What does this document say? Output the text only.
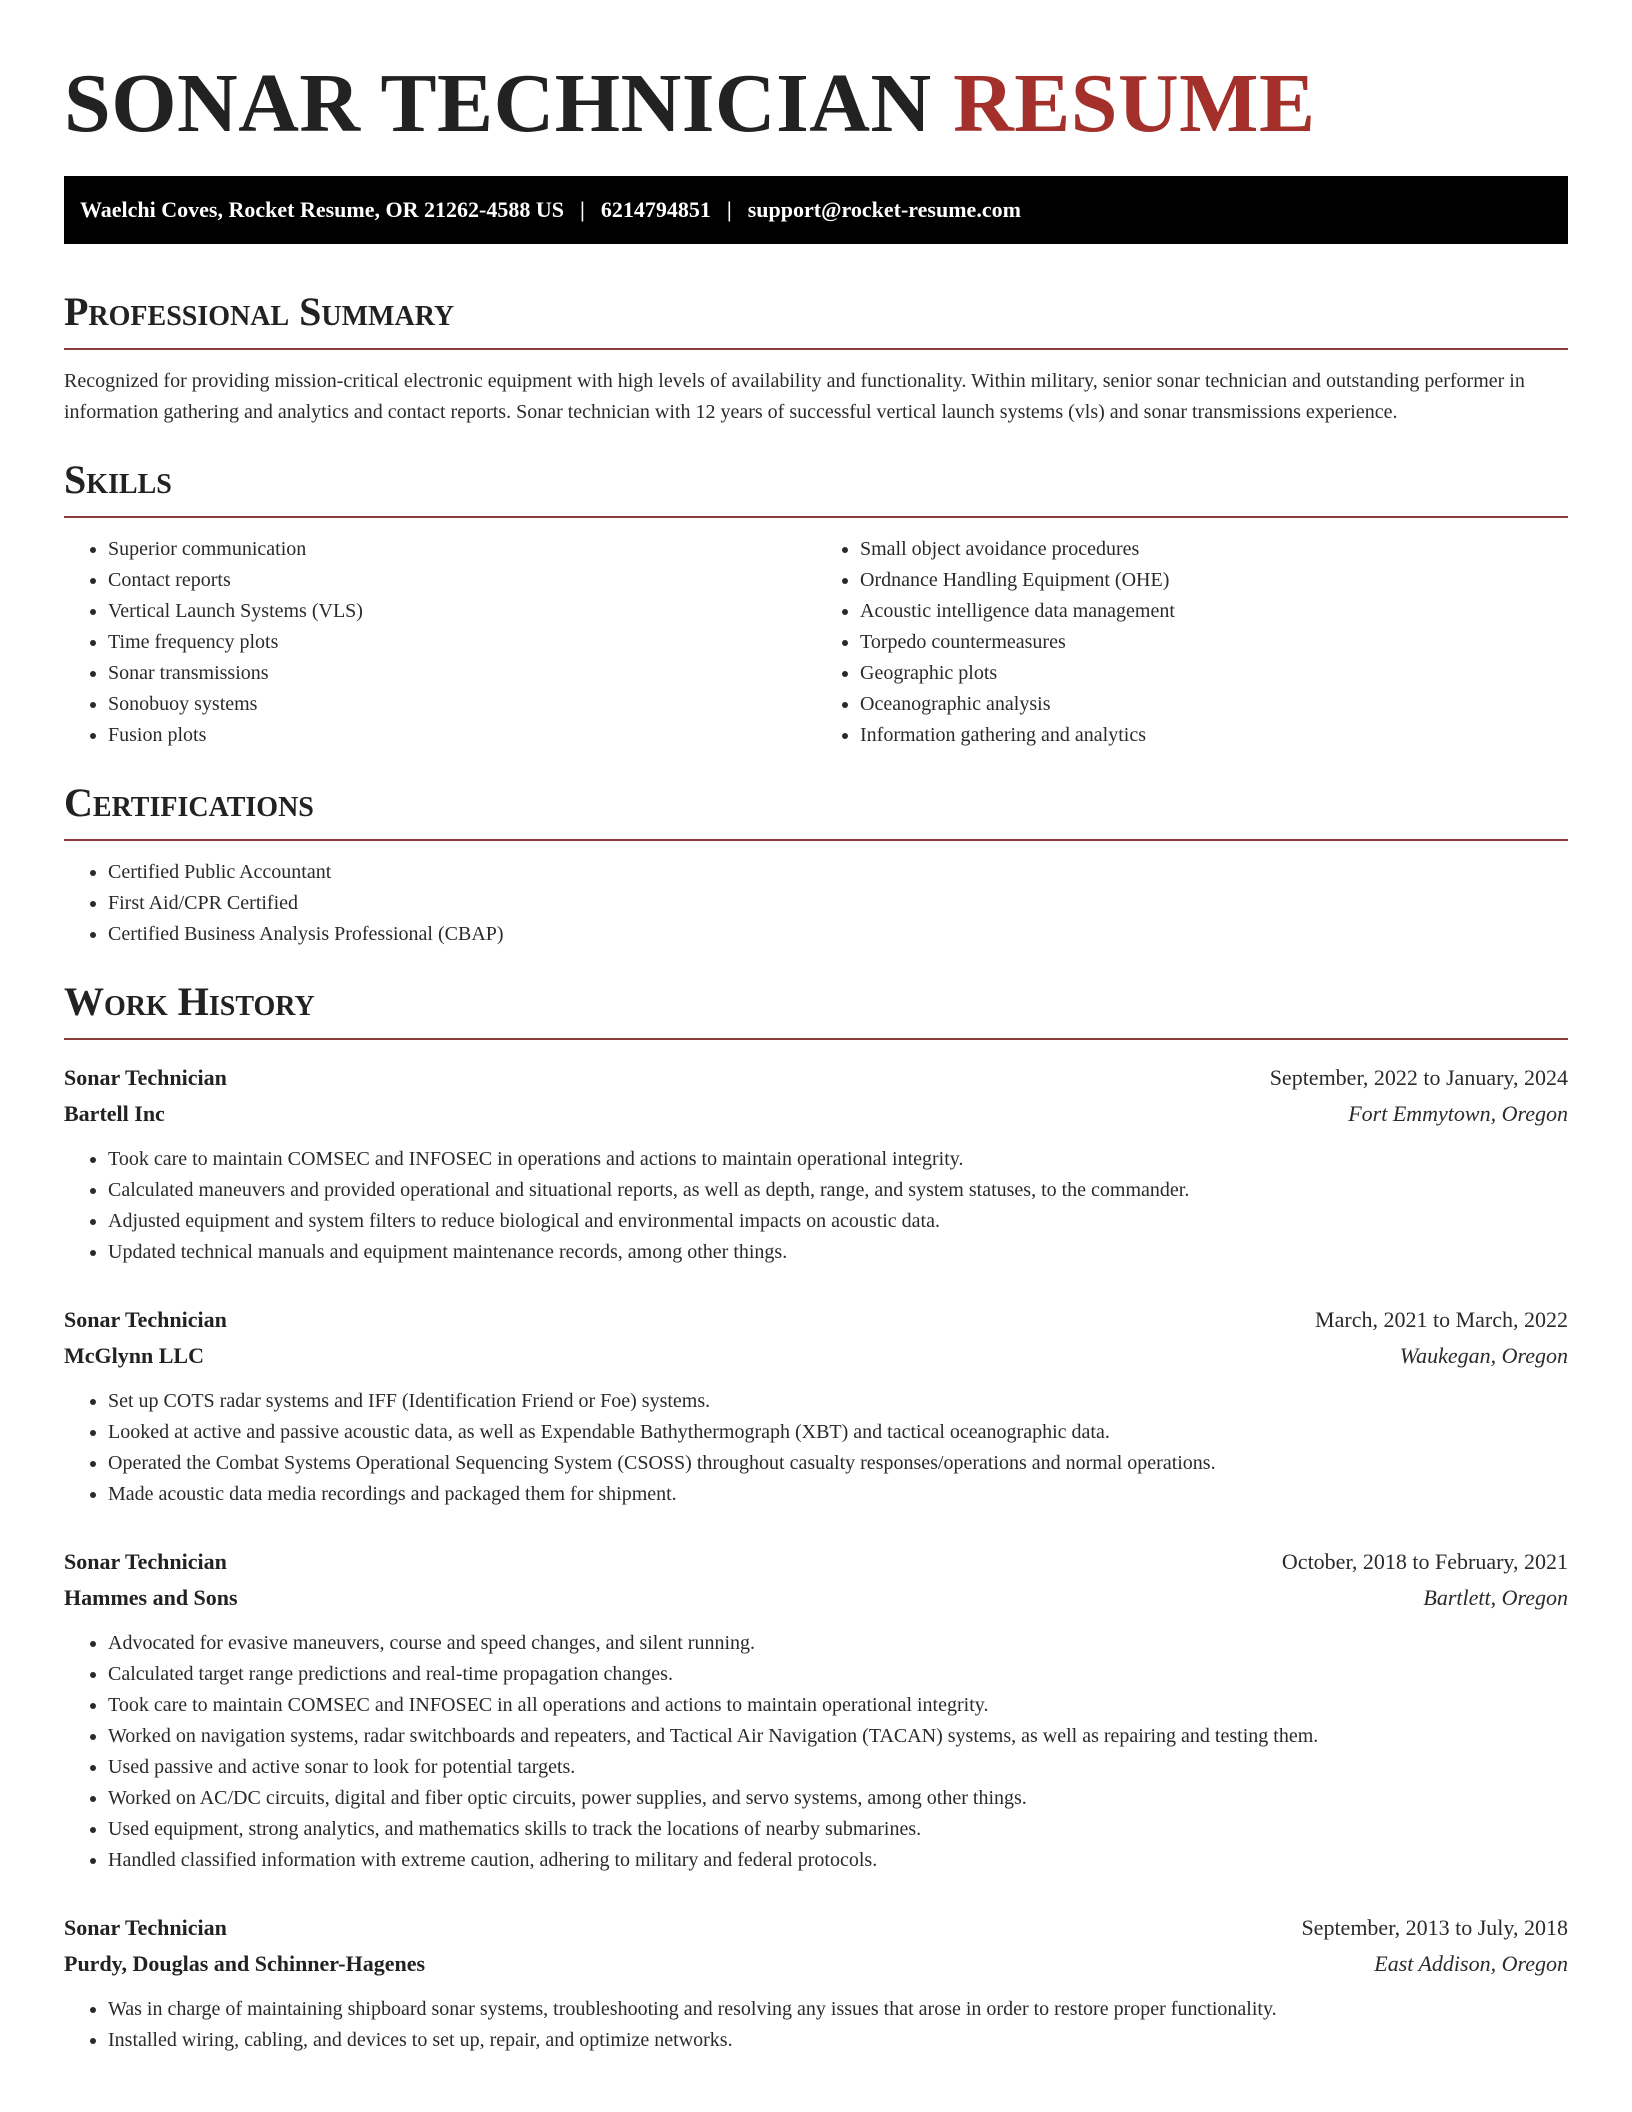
SONAR TECHNICIAN RESUME
Waelchi Coves, Rocket Resume, OR 21262-4588 US | 6214794851 | support@rocket-resume.com
Professional Summary

Recognized for providing mission-critical electronic equipment with high levels of availability and functionality. Within military, senior sonar technician and outstanding performer in information gathering and analytics and contact reports. Sonar technician with 12 years of successful vertical launch systems (vls) and sonar transmissions experience.

Skills
• Superior communication
• Contact reports
• Vertical Launch Systems (VLS)
• Time frequency plots
• Sonar transmissions
• Sonobuoy systems
• Fusion plots
• Small object avoidance procedures
• Ordnance Handling Equipment (OHE)
• Acoustic intelligence data management
• Torpedo countermeasures
• Geographic plots
• Oceanographic analysis
• Information gathering and analytics
Certifications
• Certified Public Accountant
• First Aid/CPR Certified
• Certified Business Analysis Professional (CBAP)
Work History
Sonar Technician	September, 2022 to January, 2024
Bartell Inc	Fort Emmytown, Oregon
• Took care to maintain COMSEC and INFOSEC in operations and actions to maintain operational integrity.
• Calculated maneuvers and provided operational and situational reports, as well as depth, range, and system statuses, to the commander.
• Adjusted equipment and system filters to reduce biological and environmental impacts on acoustic data.
• Updated technical manuals and equipment maintenance records, among other things.
Sonar Technician	March, 2021 to March, 2022
McGlynn LLC	Waukegan, Oregon
• Set up COTS radar systems and IFF (Identification Friend or Foe) systems.
• Looked at active and passive acoustic data, as well as Expendable Bathythermograph (XBT) and tactical oceanographic data.
• Operated the Combat Systems Operational Sequencing System (CSOSS) throughout casualty responses/operations and normal operations.
• Made acoustic data media recordings and packaged them for shipment.
Sonar Technician	October, 2018 to February, 2021
Hammes and Sons	Bartlett, Oregon
• Advocated for evasive maneuvers, course and speed changes, and silent running.
• Calculated target range predictions and real-time propagation changes.
• Took care to maintain COMSEC and INFOSEC in all operations and actions to maintain operational integrity.
• Worked on navigation systems, radar switchboards and repeaters, and Tactical Air Navigation (TACAN) systems, as well as repairing and testing them.
• Used passive and active sonar to look for potential targets.
• Worked on AC/DC circuits, digital and fiber optic circuits, power supplies, and servo systems, among other things.
• Used equipment, strong analytics, and mathematics skills to track the locations of nearby submarines.
• Handled classified information with extreme caution, adhering to military and federal protocols.
Sonar Technician	September, 2013 to July, 2018
Purdy, Douglas and Schinner-Hagenes	East Addison, Oregon
• Was in charge of maintaining shipboard sonar systems, troubleshooting and resolving any issues that arose in order to restore proper functionality.
• Installed wiring, cabling, and devices to set up, repair, and optimize networks.
